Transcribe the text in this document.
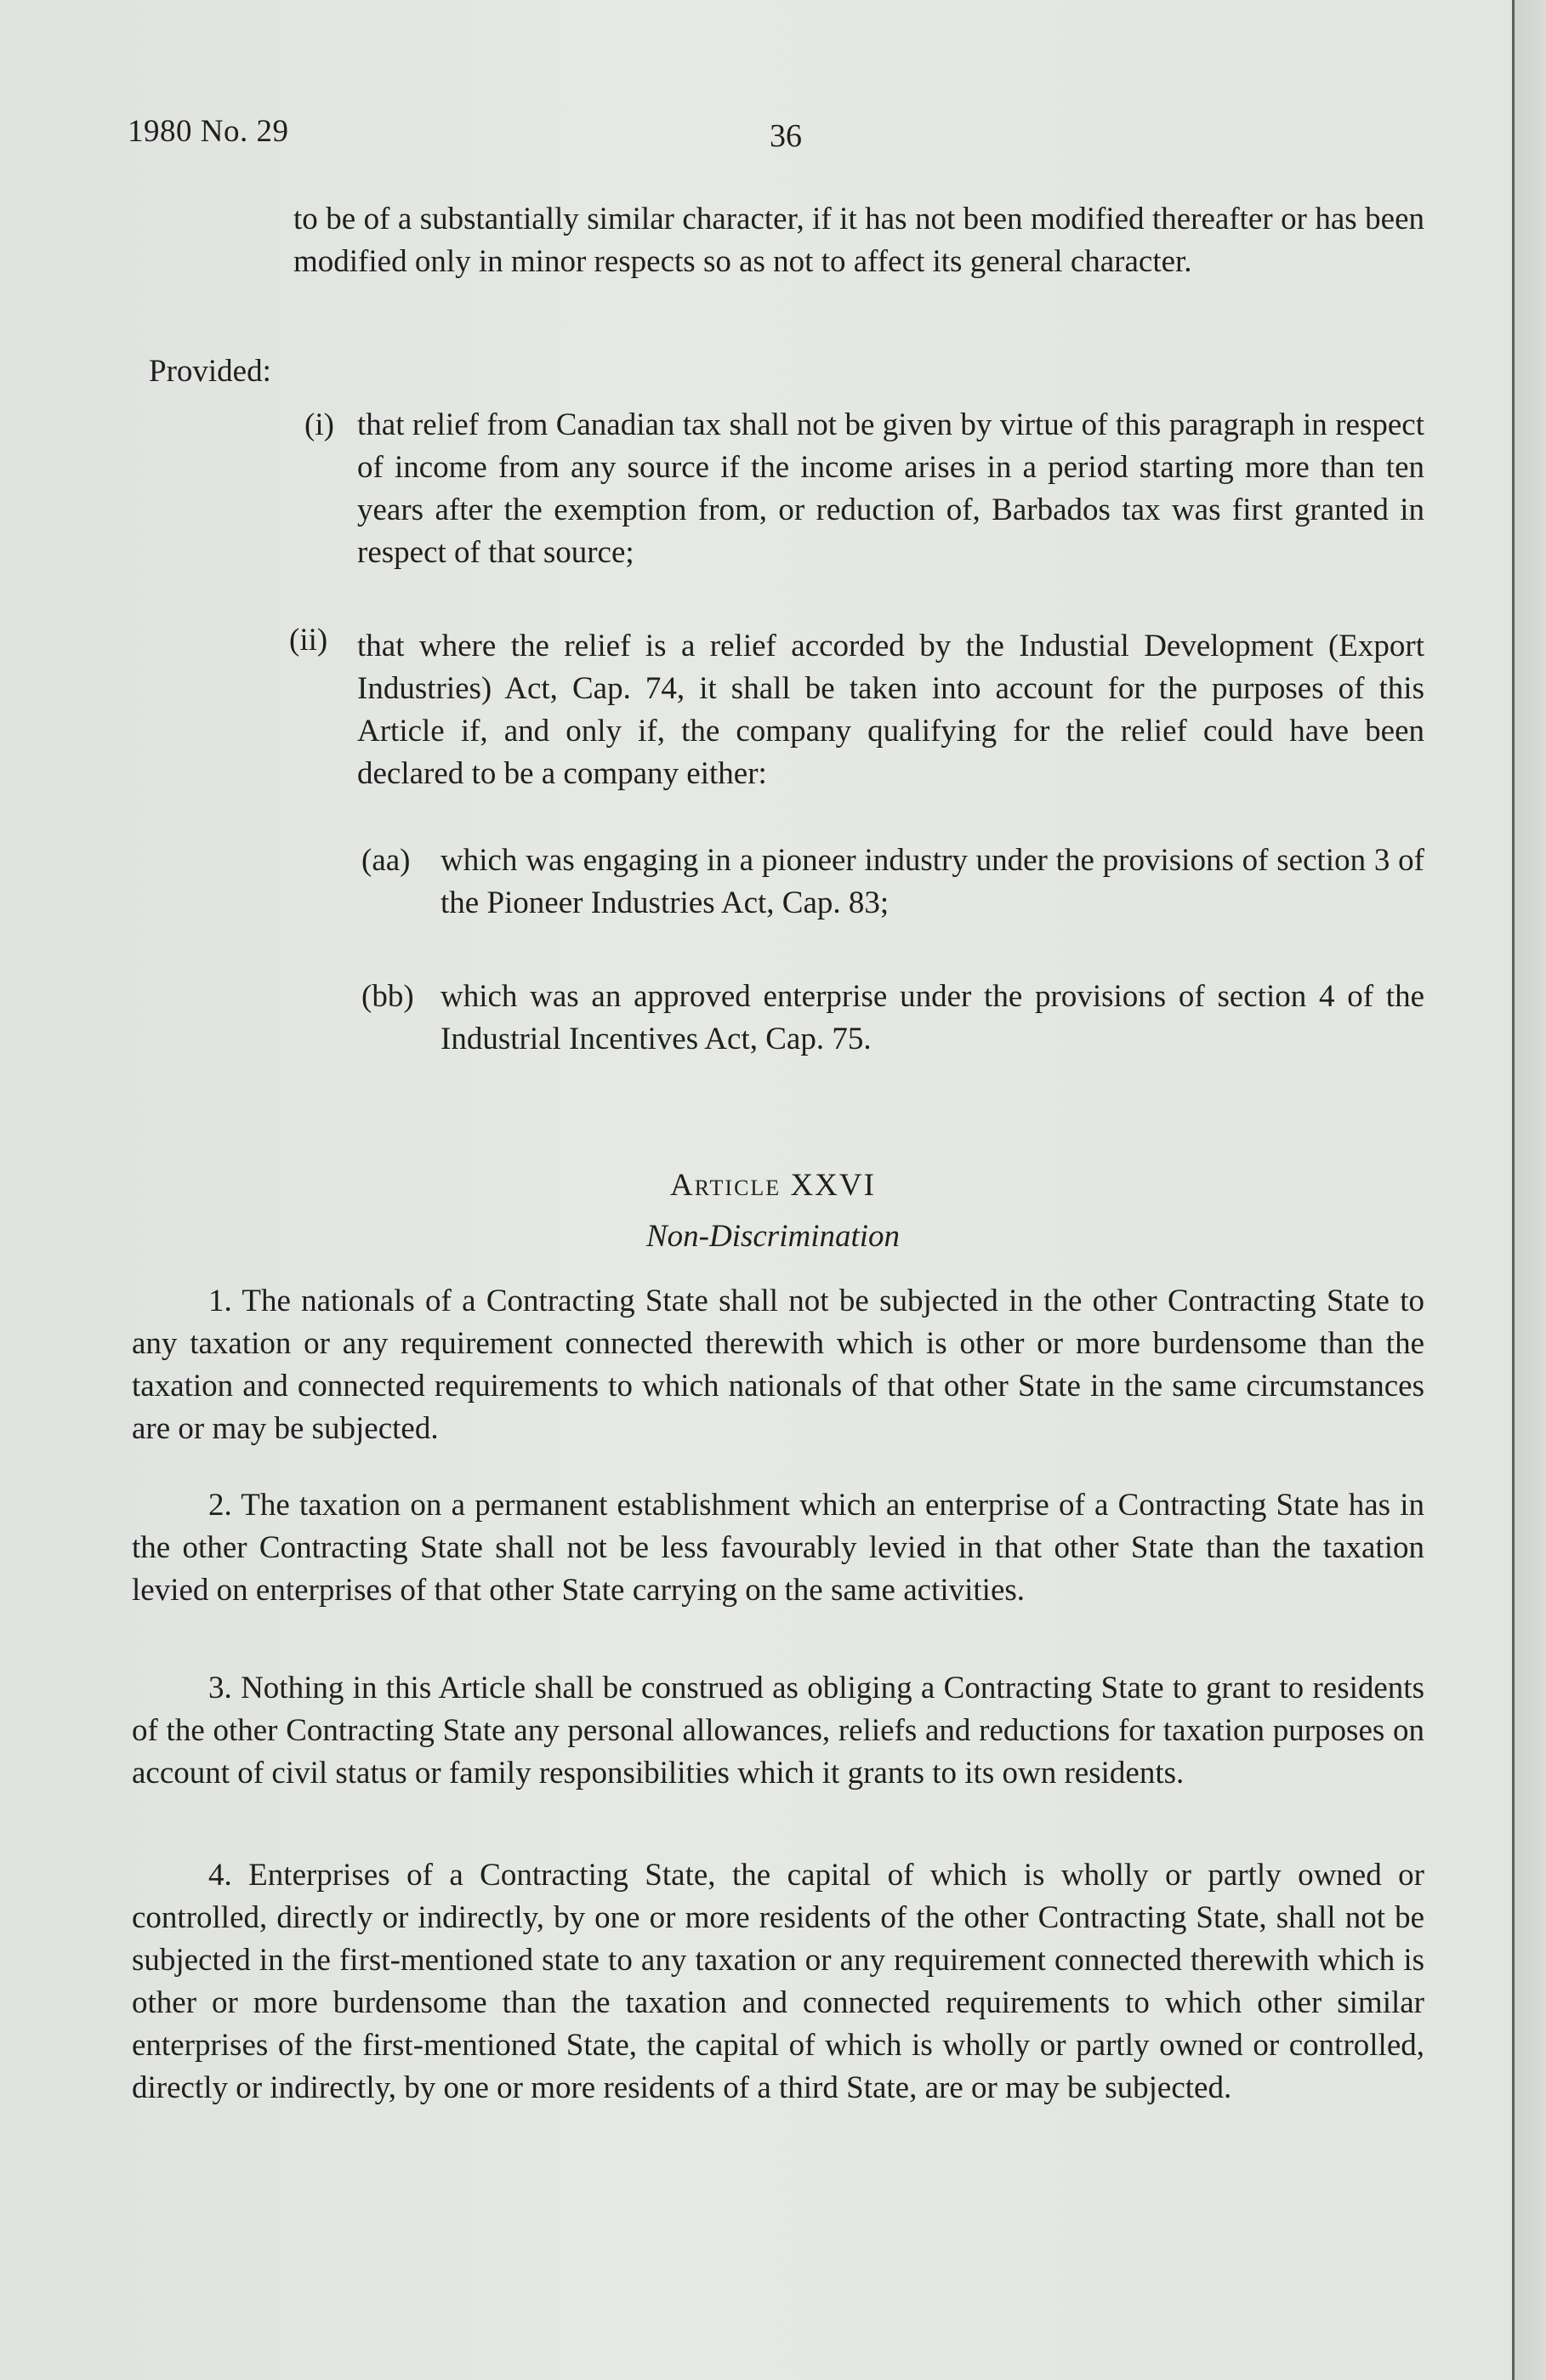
1980 No. 29	36
to be of a substantially similar character, if it has not been modified thereafter or has been modified only in minor respects so as not to affect its general character.
Provided:
(i) that relief from Canadian tax shall not be given by virtue of this paragraph in respect of income from any source if the income arises in a period starting more than ten years after the exemption from, or reduction of, Barbados tax was first granted in respect of that source;
(ii) that where the relief is a relief accorded by the Industial Development (Export Industries) Act, Cap. 74, it shall be taken into account for the purposes of this Article if, and only if, the company qualifying for the relief could have been declared to be a company either:
(aa) which was engaging in a pioneer industry under the provisions of section 3 of the Pioneer Industries Act, Cap. 83;
(bb) which was an approved enterprise under the provisions of section 4 of the Industrial Incentives Act, Cap. 75.
Article XXVI
Non-Discrimination
1. The nationals of a Contracting State shall not be subjected in the other Contracting State to any taxation or any requirement connected therewith which is other or more burdensome than the taxation and connected requirements to which nationals of that other State in the same circumstances are or may be subjected.
2. The taxation on a permanent establishment which an enterprise of a Contracting State has in the other Contracting State shall not be less favourably levied in that other State than the taxation levied on enterprises of that other State carrying on the same activities.
3. Nothing in this Article shall be construed as obliging a Contracting State to grant to residents of the other Contracting State any personal allowances, reliefs and reductions for taxation purposes on account of civil status or family responsibilities which it grants to its own residents.
4. Enterprises of a Contracting State, the capital of which is wholly or partly owned or controlled, directly or indirectly, by one or more residents of the other Contracting State, shall not be subjected in the first-mentioned state to any taxation or any requirement connected therewith which is other or more burdensome than the taxation and connected requirements to which other similar enterprises of the first-mentioned State, the capital of which is wholly or partly owned or controlled, directly or indirectly, by one or more residents of a third State, are or may be subjected.
